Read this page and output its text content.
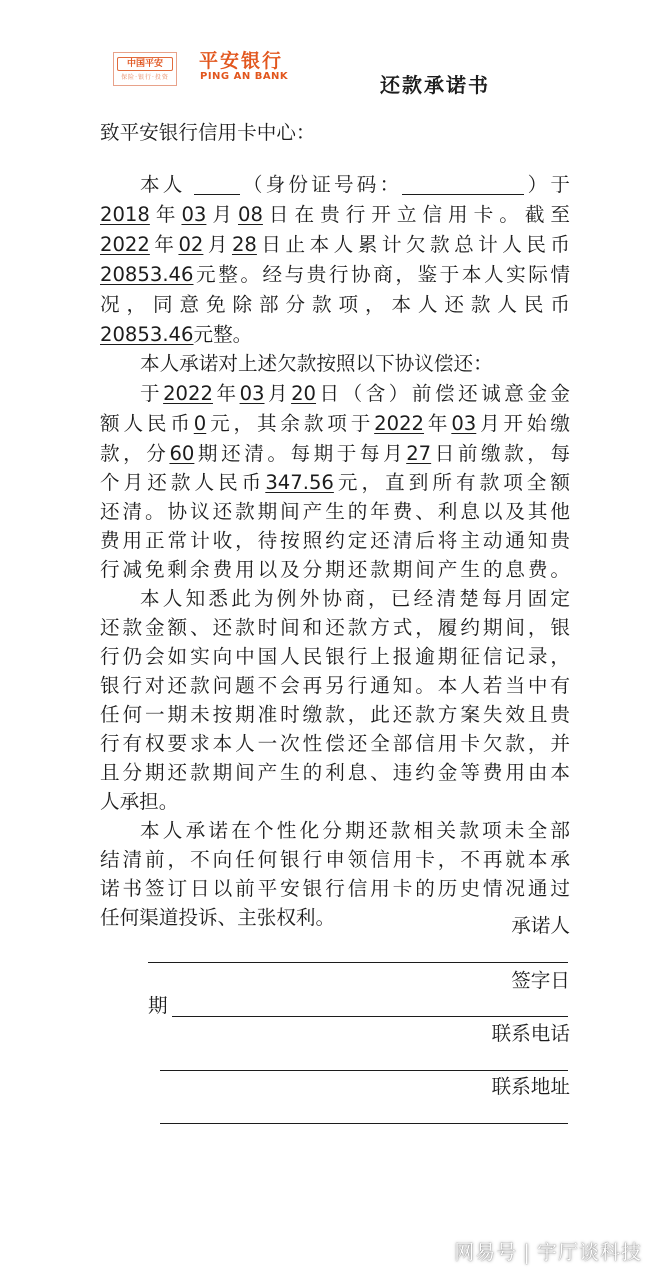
中国平安
保险·银行·投资
平安银行
PING AN BANK	还款承诺书
致平安银行信用卡中心：
本人	（身份证号码：	）于
2018年03月08日在贵行开立信用卡。截至
2022年02月28日止本人累计欠款总计人民币
20853.46元整。经与贵行协商，鉴于本人实际情
况，同意免除部分款项，本人还款人民币
20853.46元整。
本人承诺对上述欠款按照以下协议偿还：
于2022年03月20日（含）前偿还诚意金金
额人民币0元，其余款项于2022年03月开始缴
款，分60期还清。每期于每月27日前缴款，每
个月还款人民币347.56元，直到所有款项全额
还清。协议还款期间产生的年费、利息以及其他
费用正常计收，待按照约定还清后将主动通知贵
行减免剩余费用以及分期还款期间产生的息费。
本人知悉此为例外协商，已经清楚每月固定
还款金额、还款时间和还款方式，履约期间，银
行仍会如实向中国人民银行上报逾期征信记录，
银行对还款问题不会再另行通知。本人若当中有
任何一期未按期准时缴款，此还款方案失效且贵
行有权要求本人一次性偿还全部信用卡欠款，并
且分期还款期间产生的利息、违约金等费用由本
人承担。
本人承诺在个性化分期还款相关款项未全部
结清前，不向任何银行申领信用卡，不再就本承
诺书签订日以前平安银行信用卡的历史情况通过
任何渠道投诉、主张权利。	承诺人
签字日
期
联系电话
联系地址
网易号 | 宇厅谈科技
